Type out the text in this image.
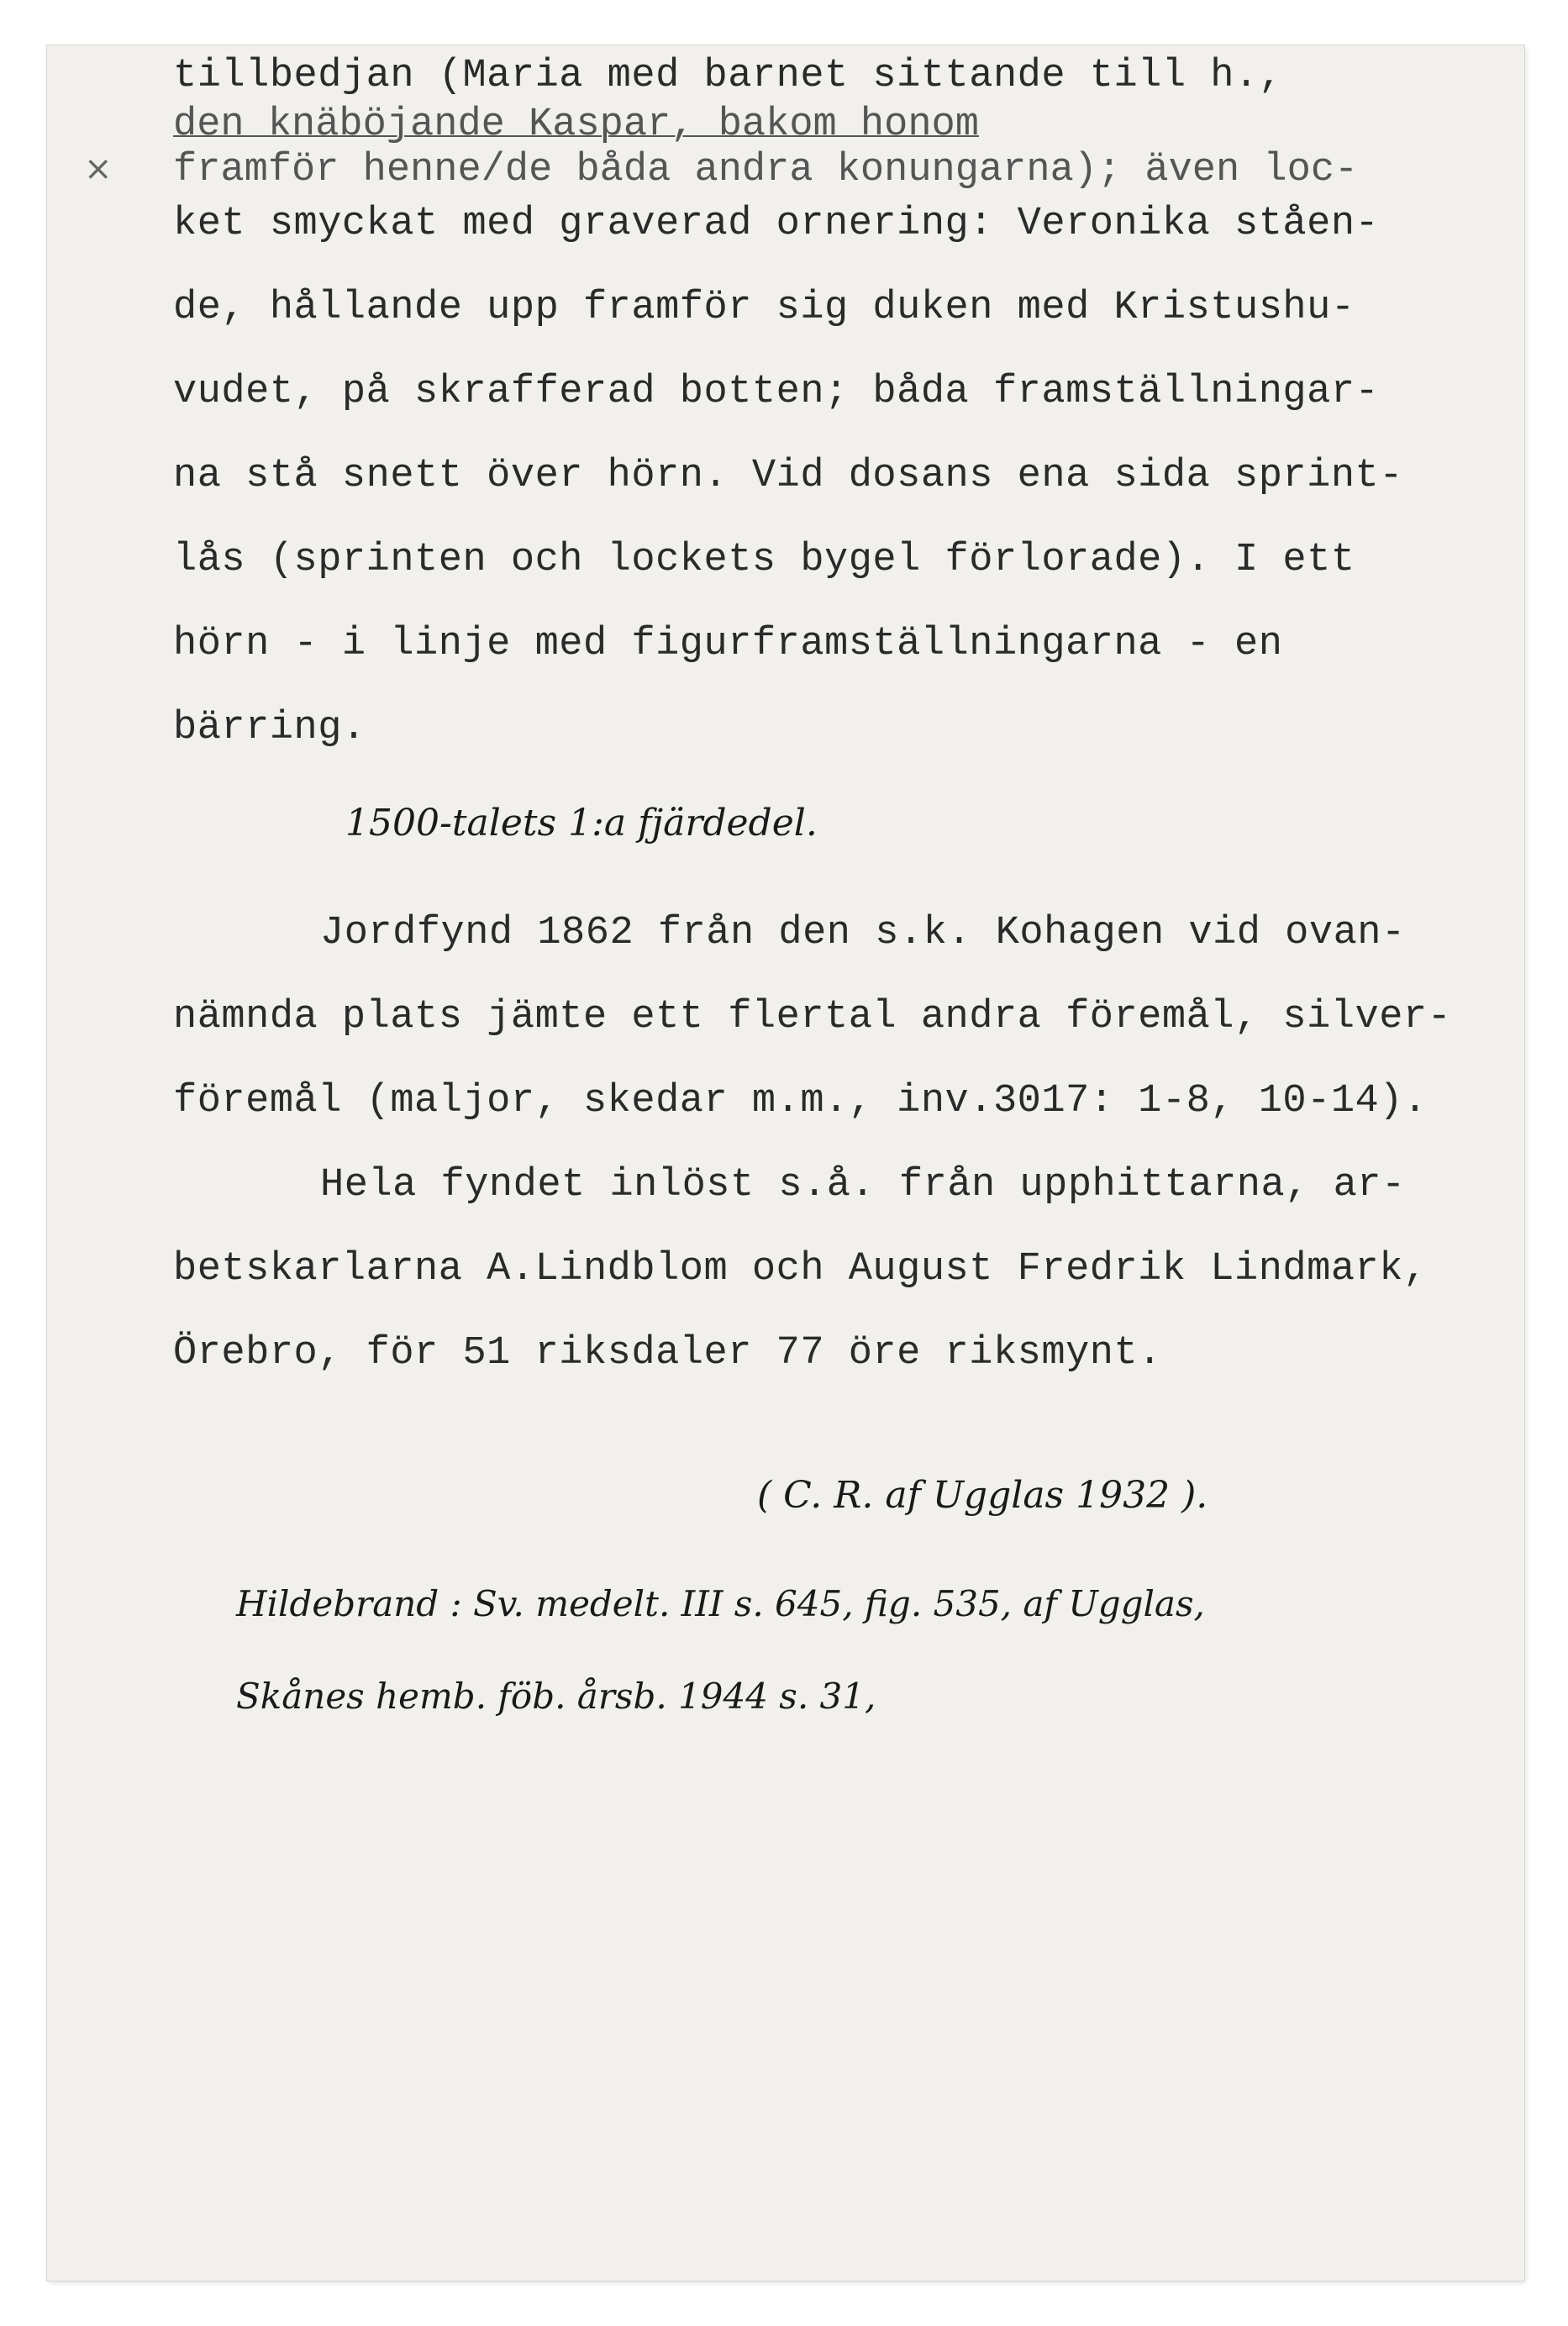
×
tillbedjan (Maria med barnet sittande till h.,
den knäböjande Kaspar, bakom honom
framför henne/de båda andra konungarna); även loc-
ket smyckat med graverad ornering: Veronika ståen-
de, hållande upp framför sig duken med Kristushu-
vudet, på skrafferad botten; båda framställningar-
na stå snett över hörn. Vid dosans ena sida sprint-
lås (sprinten och lockets bygel förlorade). I ett
hörn - i linje med figurframställningarna - en
bärring.
1500-talets 1:a fjärdedel.
Jordfynd 1862 från den s.k. Kohagen vid ovan-
nämnda plats jämte ett flertal andra föremål, silver-
föremål (maljor, skedar m.m., inv.3017: 1-8, 10-14).
Hela fyndet inlöst s.å. från upphittarna, ar-
betskarlarna A.Lindblom och August Fredrik Lindmark,
Örebro, för 51 riksdaler 77 öre riksmynt.
( C. R. af Ugglas 1932 ).
Hildebrand : Sv. medelt. III s. 645, fig. 535, af Ugglas,
Skånes hemb. föb. årsb. 1944 s. 31,
